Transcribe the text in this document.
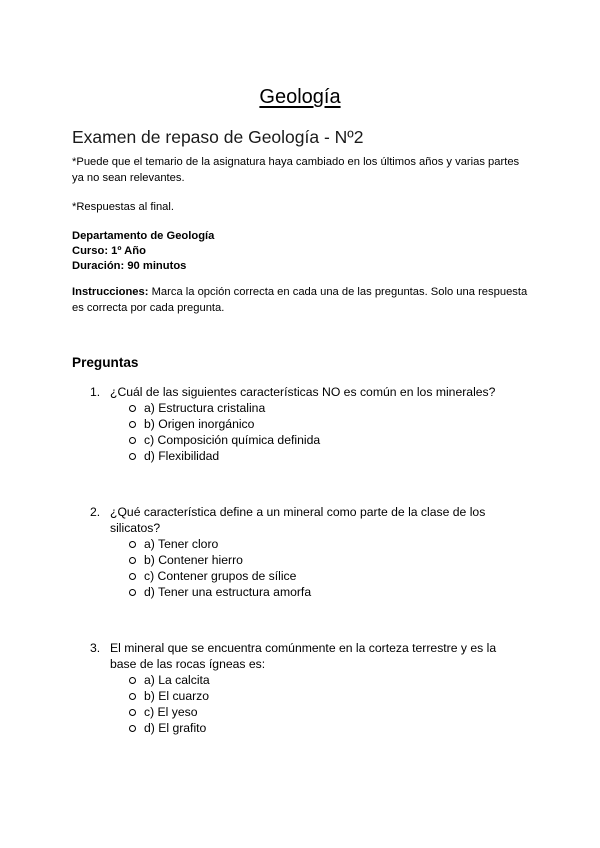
Geología
Examen de repaso de Geología - Nº2
*Puede que el temario de la asignatura haya cambiado en los últimos años y varias partes ya no sean relevantes.
*Respuestas al final.
Departamento de Geología
Curso: 1º Año
Duración: 90 minutos
Instrucciones: Marca la opción correcta en cada una de las preguntas. Solo una respuesta es correcta por cada pregunta.
Preguntas
1. ¿Cuál de las siguientes características NO es común en los minerales?
a) Estructura cristalina
b) Origen inorgánico
c) Composición química definida
d) Flexibilidad
2. ¿Qué característica define a un mineral como parte de la clase de los silicatos?
a) Tener cloro
b) Contener hierro
c) Contener grupos de sílice
d) Tener una estructura amorfa
3. El mineral que se encuentra comúnmente en la corteza terrestre y es la base de las rocas ígneas es:
a) La calcita
b) El cuarzo
c) El yeso
d) El grafito
